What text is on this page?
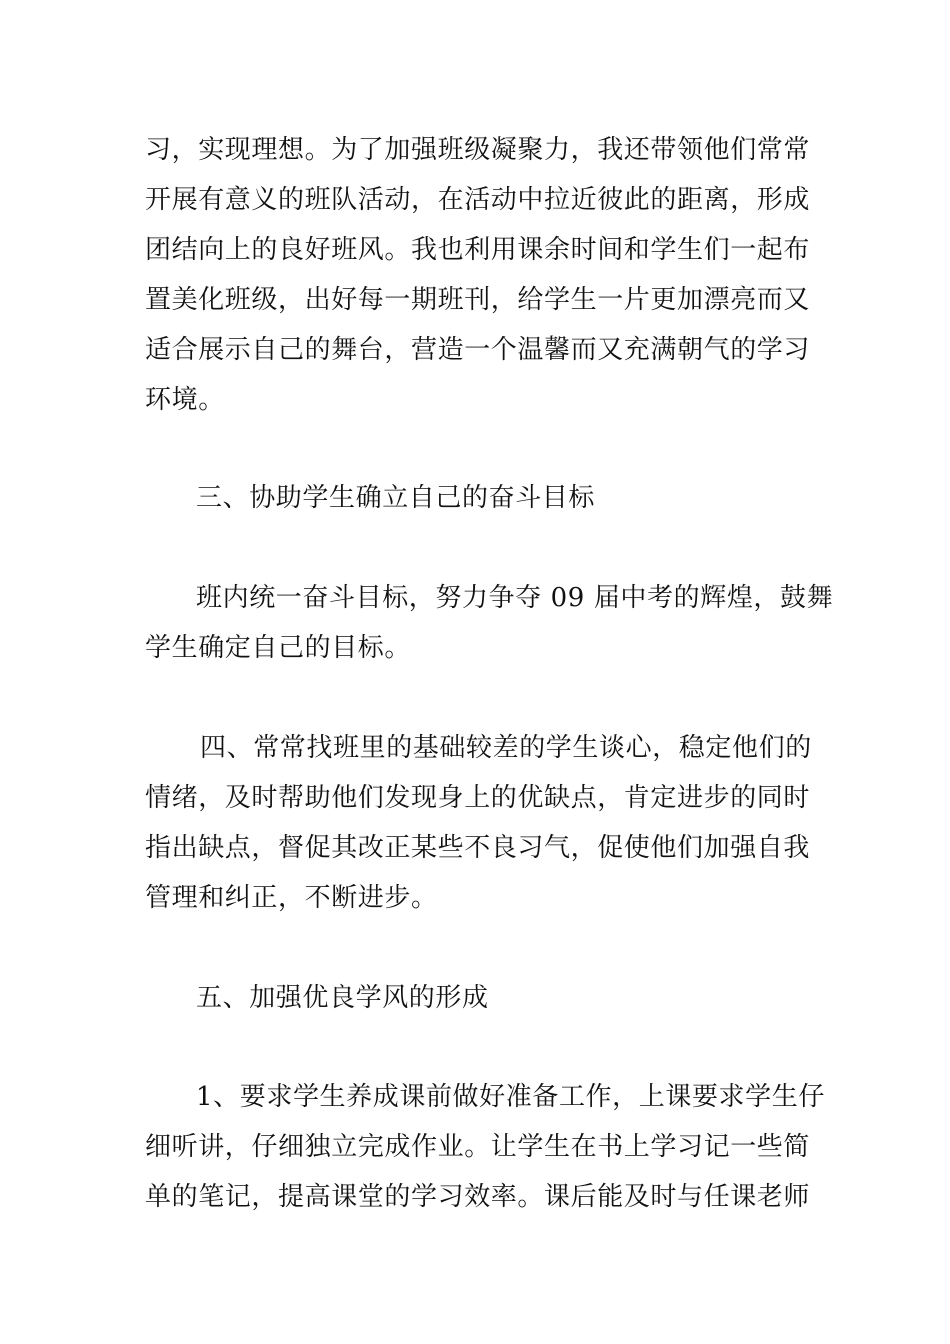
习，实现理想。为了加强班级凝聚力，我还带领他们常常
开展有意义的班队活动，在活动中拉近彼此的距离，形成
团结向上的良好班风。我也利用课余时间和学生们一起布
置美化班级，出好每一期班刊，给学生一片更加漂亮而又
适合展示自己的舞台，营造一个温馨而又充满朝气的学习
环境。
三、协助学生确立自己的奋斗目标
班内统一奋斗目标，努力争夺 09 届中考的辉煌，鼓舞
学生确定自己的目标。
四、常常找班里的基础较差的学生谈心，稳定他们的
情绪，及时帮助他们发现身上的优缺点，肯定进步的同时
指出缺点，督促其改正某些不良习气，促使他们加强自我
管理和纠正，不断进步。
五、加强优良学风的形成
1、要求学生养成课前做好准备工作，上课要求学生仔
细听讲，仔细独立完成作业。让学生在书上学习记一些简
单的笔记，提高课堂的学习效率。课后能及时与任课老师
